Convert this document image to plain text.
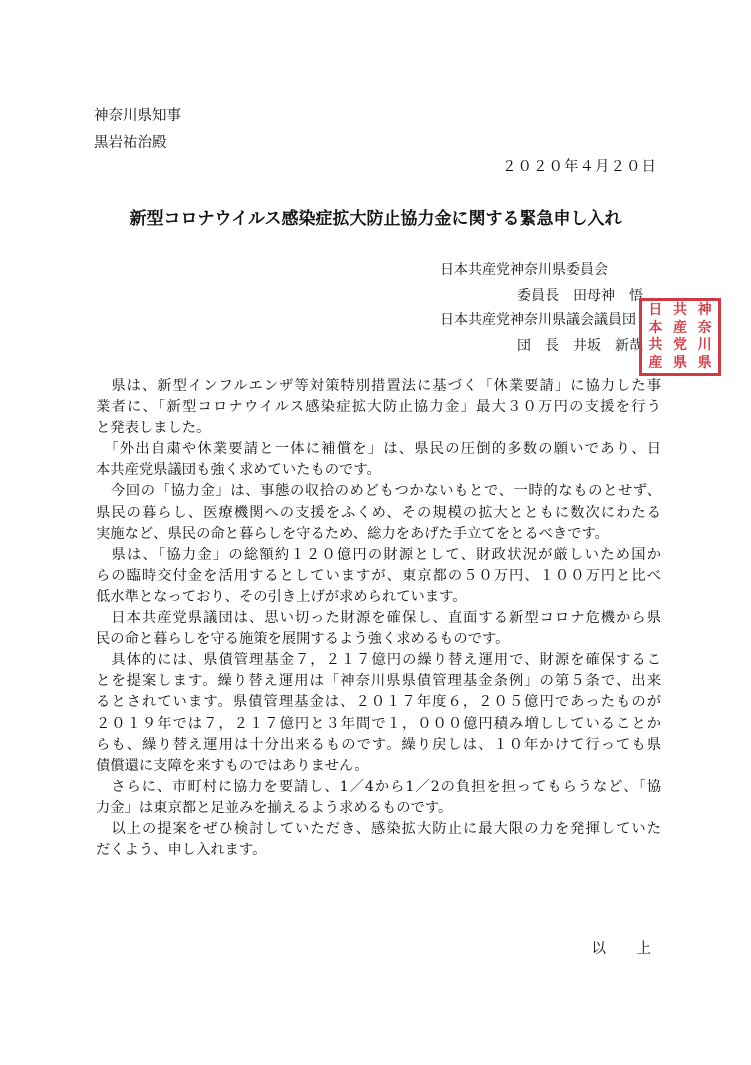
神奈川県知事
黒岩祐治殿
２０２０年４月２０日
新型コロナウイルス感染症拡大防止協力金に関する緊急申し入れ
日本共産党神奈川県委員会
委員長　田母神　悟
日本共産党神奈川県議会議員団
団　長　井坂　新哉
日 共 神
本 産 奈
共 党 川
産 県 県
　県は、新型インフルエンザ等対策特別措置法に基づく「休業要請」に協力した事
業者に、「新型コロナウイルス感染症拡大防止協力金」最大３０万円の支援を行う
と発表しました。
　「外出自粛や休業要請と一体に補償を」は、県民の圧倒的多数の願いであり、日
本共産党県議団も強く求めていたものです。
　今回の「協力金」は、事態の収拾のめどもつかないもとで、一時的なものとせず、
県民の暮らし、医療機関への支援をふくめ、その規模の拡大とともに数次にわたる
実施など、県民の命と暮らしを守るため、総力をあげた手立てをとるべきです。
　県は、「協力金」の総額約１２０億円の財源として、財政状況が厳しいため国か
らの臨時交付金を活用するとしていますが、東京都の５０万円、１００万円と比べ
低水準となっており、その引き上げが求められています。
　日本共産党県議団は、思い切った財源を確保し、直面する新型コロナ危機から県
民の命と暮らしを守る施策を展開するよう強く求めるものです。
　具体的には、県債管理基金７，２１７億円の繰り替え運用で、財源を確保するこ
とを提案します。繰り替え運用は「神奈川県県債管理基金条例」の第５条で、出来
るとされています。県債管理基金は、２０１７年度６，２０５億円であったものが
２０１９年では７，２１７億円と３年間で１，０００億円積み増ししていることか
らも、繰り替え運用は十分出来るものです。繰り戻しは、１０年かけて行っても県
債償還に支障を来すものではありません。
　さらに、市町村に協力を要請し、1／4から1／2の負担を担ってもらうなど、「協
力金」は東京都と足並みを揃えるよう求めるものです。
　以上の提案をぜひ検討していただき、感染拡大防止に最大限の力を発揮していた
だくよう、申し入れます。
以　上
